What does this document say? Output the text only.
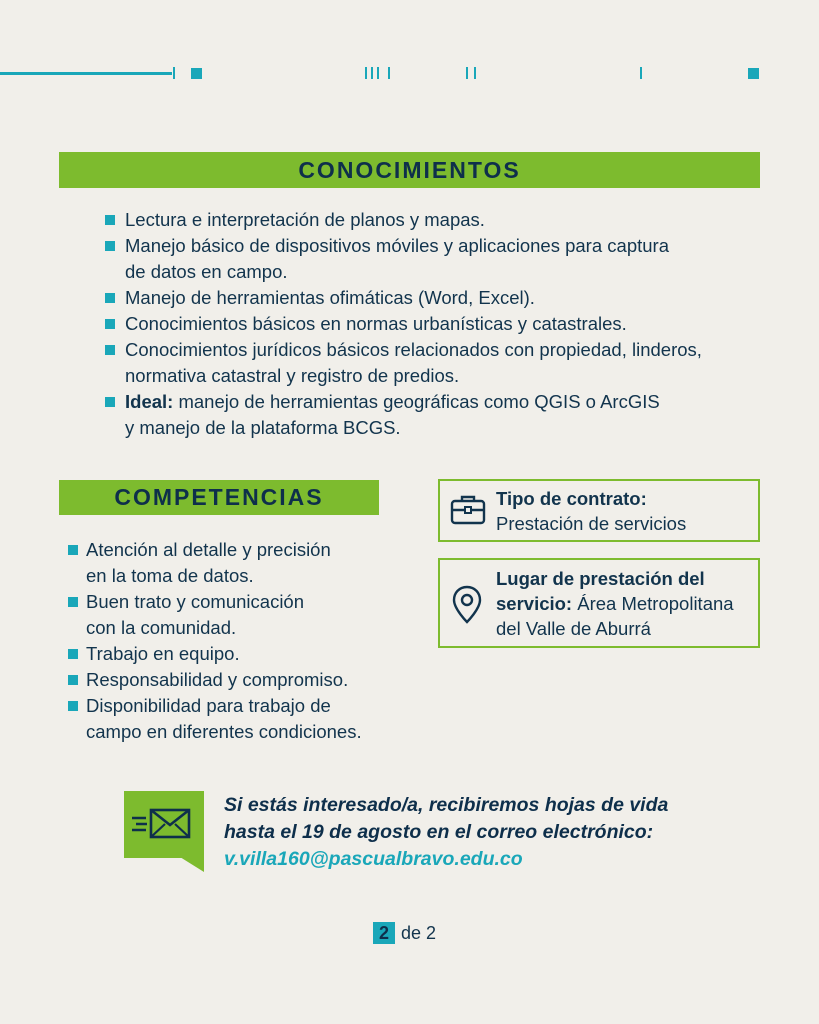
CONOCIMIENTOS
Lectura e interpretación de planos y mapas.
Manejo básico de dispositivos móviles y aplicaciones para captura
de datos en campo.
Manejo de herramientas ofimáticas (Word, Excel).
Conocimientos básicos en normas urbanísticas y catastrales.
Conocimientos jurídicos básicos relacionados con propiedad, linderos,
normativa catastral y registro de predios.
Ideal: manejo de herramientas geográficas como QGIS o ArcGIS
y manejo de la plataforma BCGS.
COMPETENCIAS
Atención al detalle y precisión
en la toma de datos.
Buen trato y comunicación
con la comunidad.
Trabajo en equipo.
Responsabilidad y compromiso.
Disponibilidad para trabajo de
campo en diferentes condiciones.
Tipo de contrato:
Prestación de servicios
Lugar de prestación del
servicio: Área Metropolitana
del Valle de Aburrá
Si estás interesado/a, recibiremos hojas de vida
hasta el 19 de agosto en el correo electrónico:
v.villa160@pascualbravo.edu.co
2 de 2
